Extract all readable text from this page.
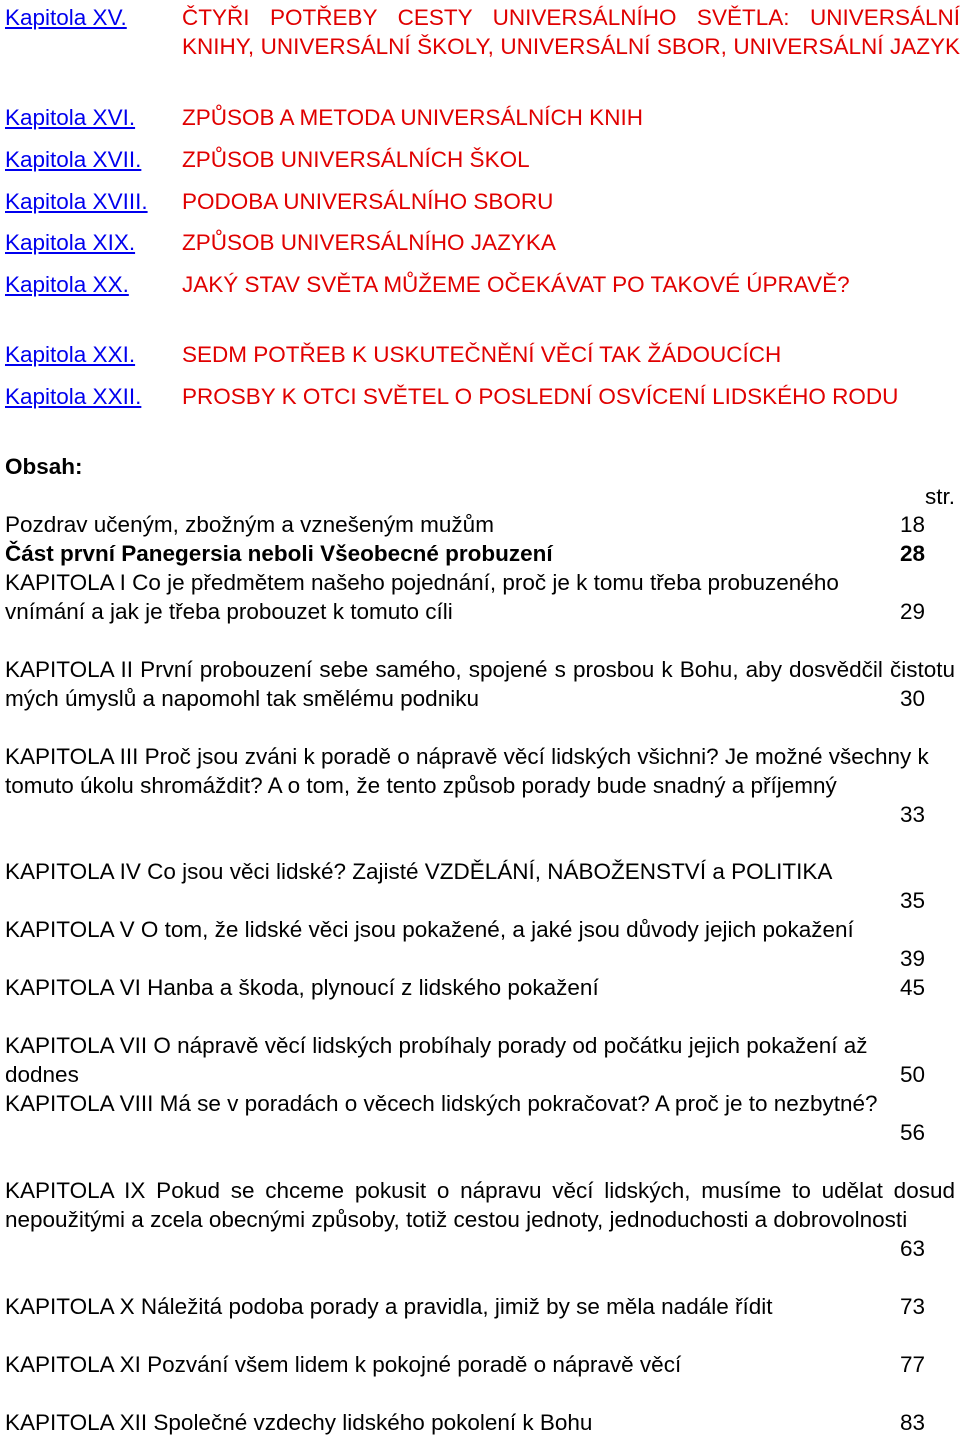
Kapitola XV. ČTYŘI POTŘEBY CESTY UNIVERSÁLNÍHO SVĚTLA: UNIVERSÁLNÍ KNIHY, UNIVERSÁLNÍ ŠKOLY, UNIVERSÁLNÍ SBOR, UNIVERSÁLNÍ JAZYK
Kapitola XVI. ZPŮSOB A METODA UNIVERSÁLNÍCH KNIH
Kapitola XVII. ZPŮSOB UNIVERSÁLNÍCH ŠKOL
Kapitola XVIII. PODOBA UNIVERSÁLNÍHO SBORU
Kapitola XIX. ZPŮSOB UNIVERSÁLNÍHO JAZYKA
Kapitola XX. JAKÝ STAV SVĚTA MŮŽEME OČEKÁVAT PO TAKOVÉ ÚPRAVĚ?
Kapitola XXI. SEDM POTŘEB K USKUTEČNĚNÍ VĚCÍ TAK ŽÁDOUCÍCH
Kapitola XXII. PROSBY K OTCI SVĚTEL O POSLEDNÍ OSVÍCENÍ LIDSKÉHO RODU
Obsah:
str.
Pozdrav učeným, zbožným a vznešeným mužům	18
Část první Panegersia neboli Všeobecné probuzení	28
KAPITOLA I Co je předmětem našeho pojednání, proč je k tomu třeba probuzeného vnímání a jak je třeba probouzet k tomuto cíli	29
KAPITOLA II První probouzení sebe samého, spojené s prosbou k Bohu, aby dosvědčil čistotu mých úmyslů a napomohl tak smělému podniku	30
KAPITOLA III Proč jsou zváni k poradě o nápravě věcí lidských všichni? Je možné všechny k tomuto úkolu shromáždit? A o tom, že tento způsob porady bude snadný a příjemný
33
KAPITOLA IV Co jsou věci lidské? Zajisté VZDĚLÁNÍ, NÁBOŽENSTVÍ a POLITIKA
35
KAPITOLA V O tom, že lidské věci jsou pokažené, a jaké jsou důvody jejich pokažení
39
KAPITOLA VI Hanba a škoda, plynoucí z lidského pokažení	45
KAPITOLA VII O nápravě věcí lidských probíhaly porady od počátku jejich pokažení až dodnes	50
KAPITOLA VIII Má se v poradách o věcech lidských pokračovat? A proč je to nezbytné?
56
KAPITOLA IX Pokud se chceme pokusit o nápravu věcí lidských, musíme to udělat dosud nepoužitými a zcela obecnými způsoby, totiž cestou jednoty, jednoduchosti a dobrovolnosti
63
KAPITOLA X Náležitá podoba porady a pravidla, jimiž by se měla nadále řídit	73
KAPITOLA XI Pozvání všem lidem k pokojné poradě o nápravě věcí	77
KAPITOLA XII Společné vzdechy lidského pokolení k Bohu	83
